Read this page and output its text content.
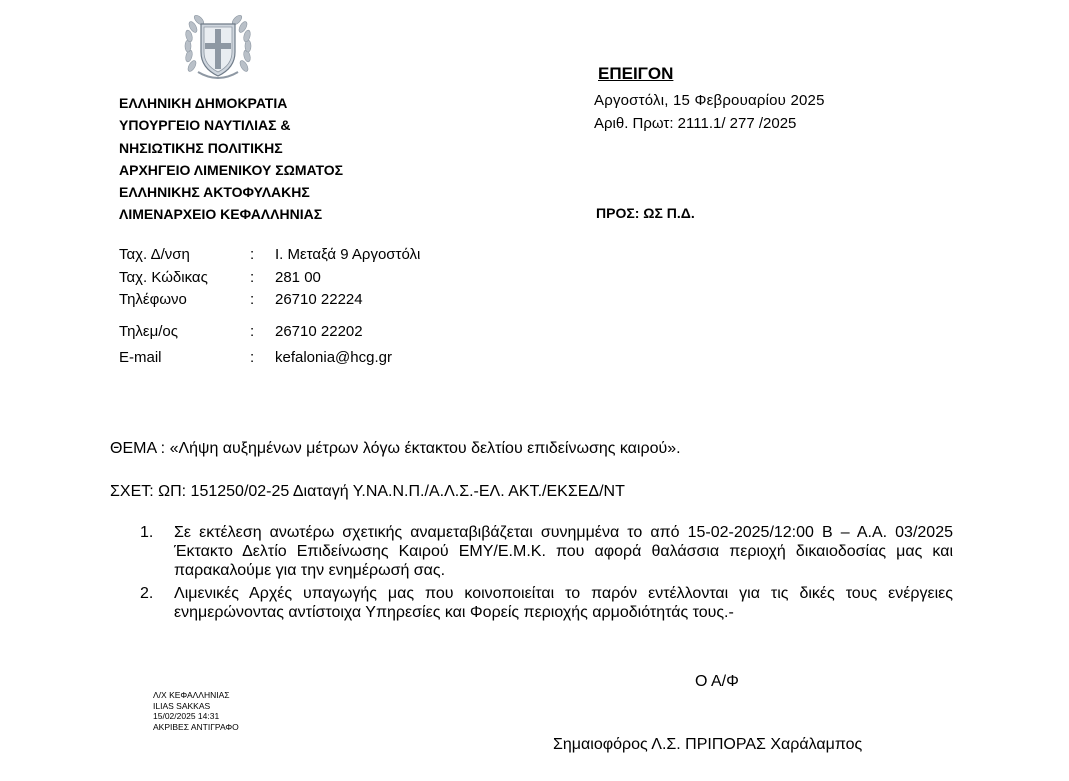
ΕΛΛΗΝΙΚΗ ΔΗΜΟΚΡΑΤΙΑ
ΥΠΟΥΡΓΕΙΟ ΝΑΥΤΙΛΙΑΣ &
ΝΗΣΙΩΤΙΚΗΣ ΠΟΛΙΤΙΚΗΣ
ΑΡΧΗΓΕΙΟ ΛΙΜΕΝΙΚΟΥ ΣΩΜΑΤΟΣ
ΕΛΛΗΝΙΚΗΣ ΑΚΤΟΦΥΛΑΚΗΣ
ΛΙΜΕΝΑΡΧΕΙΟ ΚΕΦΑΛΛΗΝΙΑΣ
ΕΠΕΙΓΟΝ
Αργοστόλι, 15 Φεβρουαρίου 2025
Αριθ. Πρωτ: 2111.1/ 277 /2025
ΠΡΟΣ: ΩΣ Π.Δ.
Ταχ. Δ/νση	: Ι. Μεταξά 9 Αργοστόλι
Ταχ. Κώδικας	: 281 00
Τηλέφωνο	: 26710 22224
Τηλεμ/ος	: 26710 22202
E-mail	: kefalonia@hcg.gr
ΘΕΜΑ : «Λήψη αυξημένων μέτρων λόγω έκτακτου δελτίου επιδείνωσης καιρού».
ΣΧΕΤ: ΩΠ: 151250/02-25 Διαταγή Υ.ΝΑ.Ν.Π./Α.Λ.Σ.-ΕΛ. ΑΚΤ./ΕΚΣΕΔ/ΝΤ
1. Σε εκτέλεση ανωτέρω σχετικής αναμεταβιβάζεται συνημμένα το από 15-02-2025/12:00 Β – Α.Α. 03/2025 Έκτακτο Δελτίο Επιδείνωσης Καιρού ΕΜΥ/Ε.Μ.Κ. που αφορά θαλάσσια περιοχή δικαιοδοσίας μας και παρακαλούμε για την ενημέρωσή σας.
2. Λιμενικές Αρχές υπαγωγής μας που κοινοποιείται το παρόν εντέλλονται για τις δικές τους ενέργειες ενημερώνοντας αντίστοιχα Υπηρεσίες και Φορείς περιοχής αρμοδιότητάς τους.-
Ο Α/Φ
Λ/Χ ΚΕΦΑΛΛΗΝΙΑΣ
ILIAS SAKKAS
15/02/2025 14:31
ΑΚΡΙΒΕΣ ΑΝΤΙΓΡΑΦΟ
Σημαιοφόρος Λ.Σ. ΠΡΙΠΟΡΑΣ Χαράλαμπος
